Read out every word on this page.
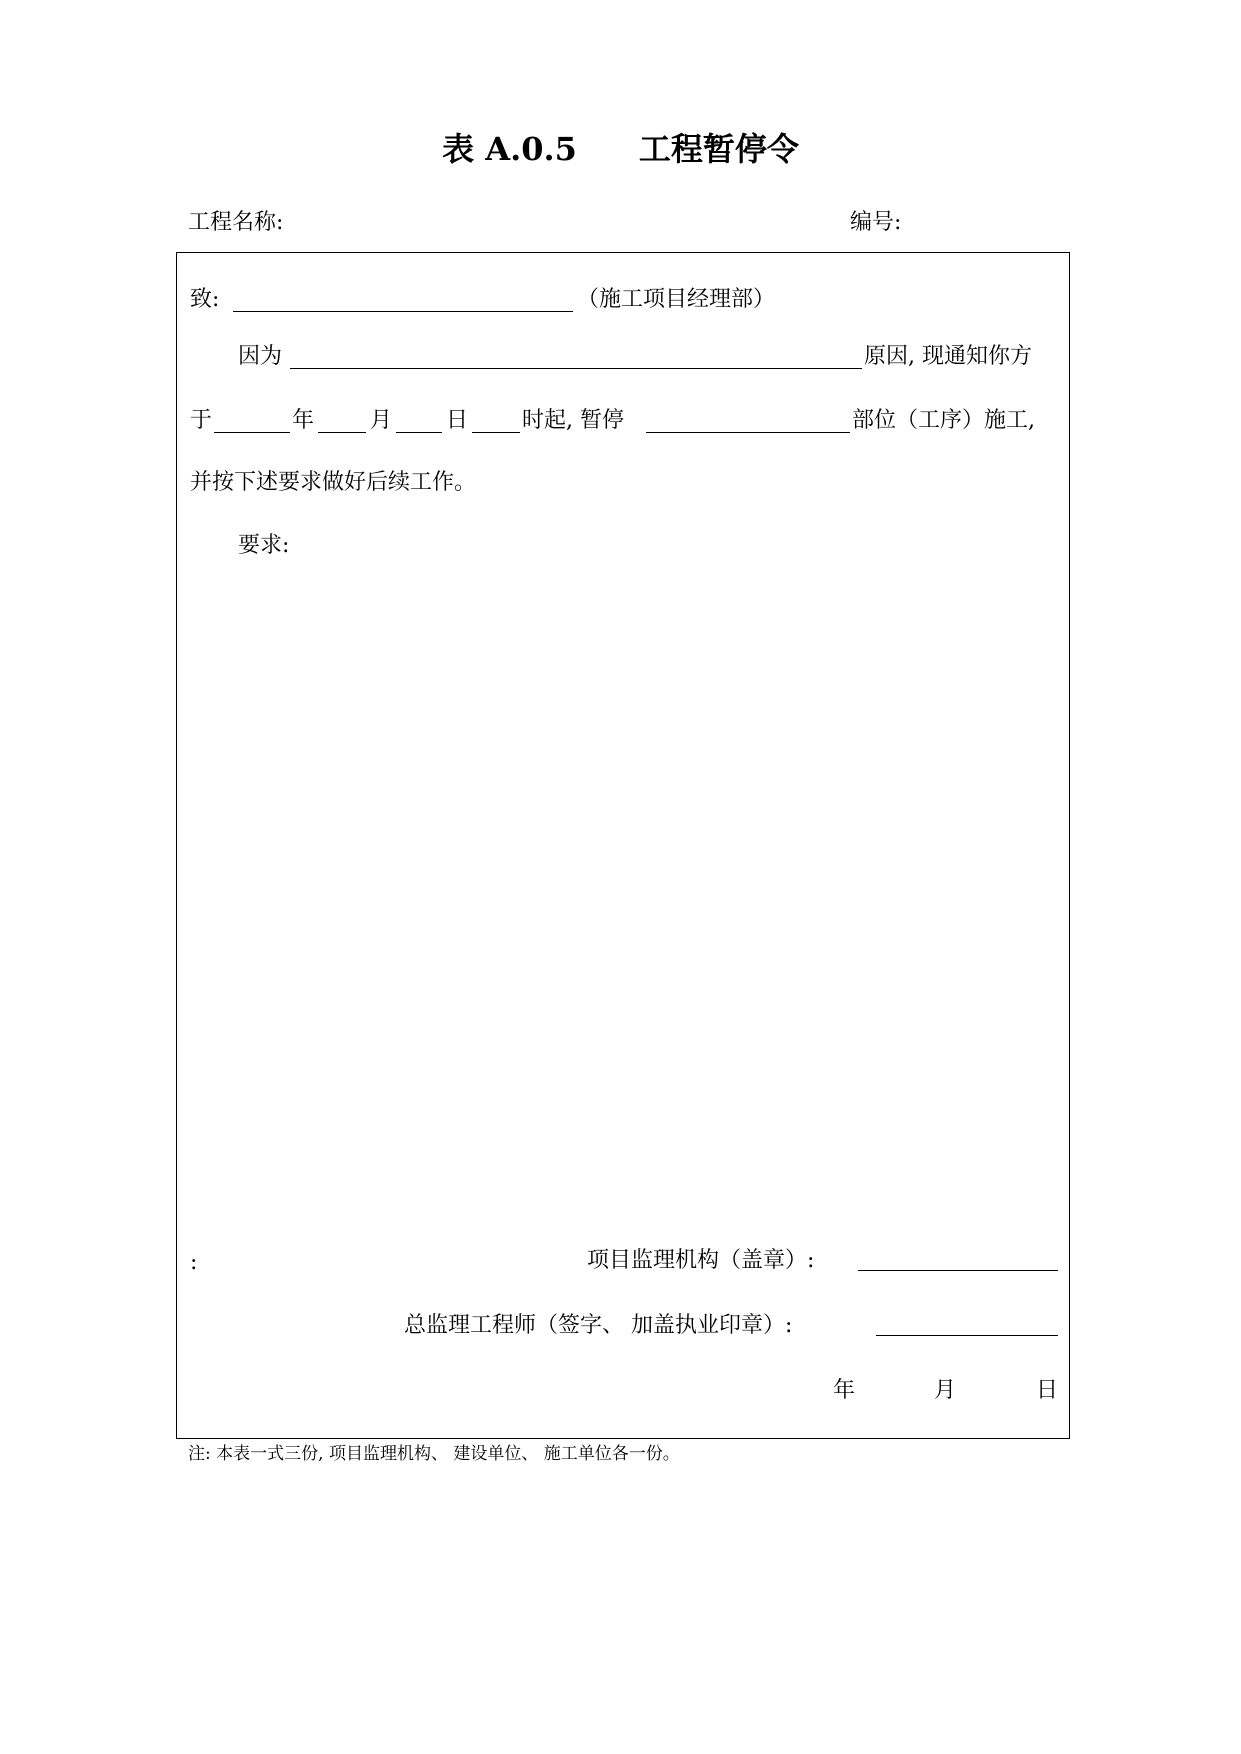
表 A.0.5 工程暂停令
工程名称:	编号:
致:	（施工项目经理部）
因为	原因, 现通知你方
于	年	月 日 时起, 暂停	部位（工序）施工,
并按下述要求做好后续工作。
要求:
:	项目监理机构（盖章）:
总监理工程师（签字、 加盖执业印章）:
年	月	日
注: 本表一式三份, 项目监理机构、 建设单位、 施工单位各一份。
